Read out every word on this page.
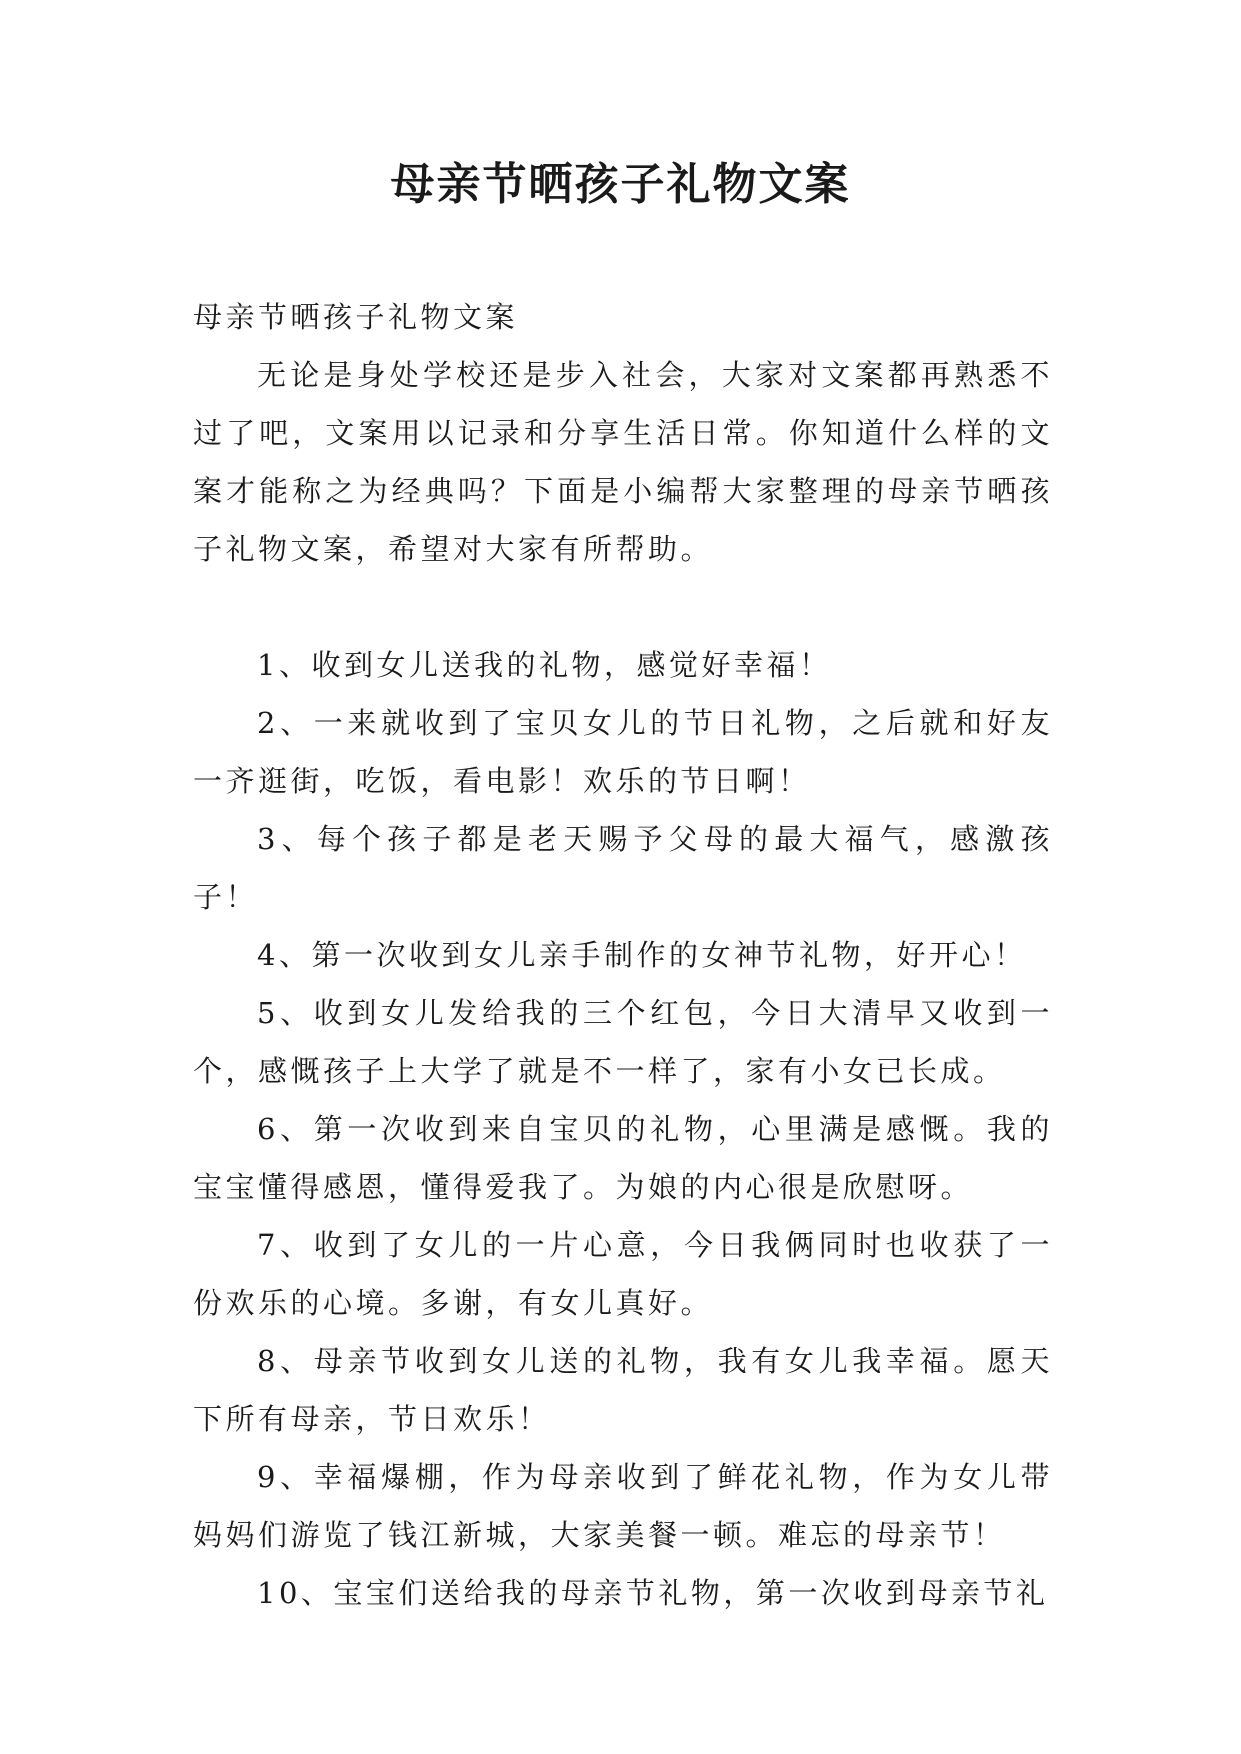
母亲节晒孩子礼物文案

母亲节晒孩子礼物文案

无论是身处学校还是步入社会，大家对文案都再熟悉不过了吧，文案用以记录和分享生活日常。你知道什么样的文案才能称之为经典吗？下面是小编帮大家整理的母亲节晒孩子礼物文案，希望对大家有所帮助。

1、收到女儿送我的礼物，感觉好幸福！

2、一来就收到了宝贝女儿的节日礼物，之后就和好友一齐逛街，吃饭，看电影！欢乐的节日啊！

3、每个孩子都是老天赐予父母的最大福气，感激孩子！

4、第一次收到女儿亲手制作的女神节礼物，好开心！

5、收到女儿发给我的三个红包，今日大清早又收到一个，感慨孩子上大学了就是不一样了，家有小女已长成。

6、第一次收到来自宝贝的礼物，心里满是感慨。我的宝宝懂得感恩，懂得爱我了。为娘的内心很是欣慰呀。

7、收到了女儿的一片心意，今日我俩同时也收获了一份欢乐的心境。多谢，有女儿真好。

8、母亲节收到女儿送的礼物，我有女儿我幸福。愿天下所有母亲，节日欢乐！

9、幸福爆棚，作为母亲收到了鲜花礼物，作为女儿带妈妈们游览了钱江新城，大家美餐一顿。难忘的母亲节！

10、宝宝们送给我的母亲节礼物，第一次收到母亲节礼
